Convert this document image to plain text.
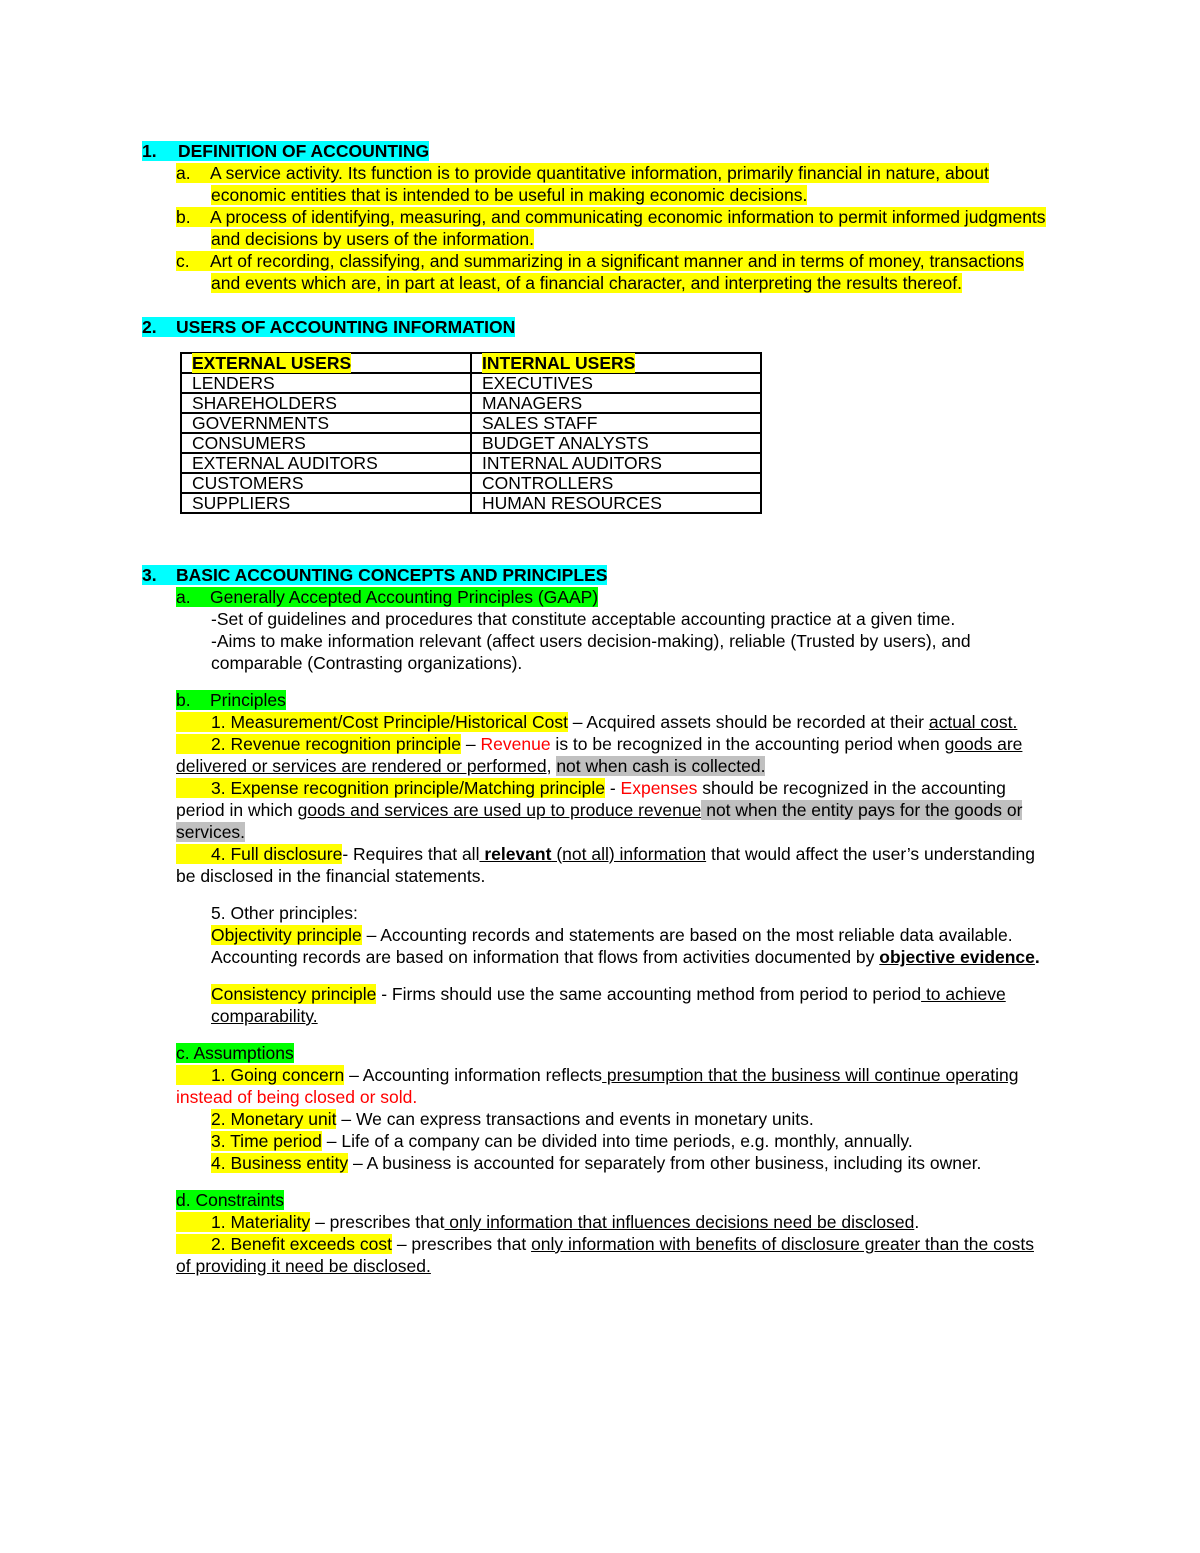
1. DEFINITION OF ACCOUNTING
a. A service activity. Its function is to provide quantitative information, primarily financial in nature, about
economic entities that is intended to be useful in making economic decisions.
b. A process of identifying, measuring, and communicating economic information to permit informed judgments
and decisions by users of the information.
c. Art of recording, classifying, and summarizing in a significant manner and in terms of money, transactions
and events which are, in part at least, of a financial character, and interpreting the results thereof.
2. USERS OF ACCOUNTING INFORMATION
EXTERNAL USERS	INTERNAL USERS
LENDERS	EXECUTIVES
SHAREHOLDERS	MANAGERS
GOVERNMENTS	SALES STAFF
CONSUMERS	BUDGET ANALYSTS
EXTERNAL AUDITORS	INTERNAL AUDITORS
CUSTOMERS	CONTROLLERS
SUPPLIERS	HUMAN RESOURCES
3. BASIC ACCOUNTING CONCEPTS AND PRINCIPLES
a. Generally Accepted Accounting Principles (GAAP)
-Set of guidelines and procedures that constitute acceptable accounting practice at a given time.
-Aims to make information relevant (affect users decision-making), reliable (Trusted by users), and
comparable (Contrasting organizations).
b. Principles
1. Measurement/Cost Principle/Historical Cost – Acquired assets should be recorded at their actual cost.
2. Revenue recognition principle – Revenue is to be recognized in the accounting period when goods are
delivered or services are rendered or performed, not when cash is collected.
3. Expense recognition principle/Matching principle - Expenses should be recognized in the accounting
period in which goods and services are used up to produce revenue not when the entity pays for the goods or
services.
4. Full disclosure- Requires that all relevant (not all) information that would affect the user’s understanding
be disclosed in the financial statements.
5. Other principles:
Objectivity principle – Accounting records and statements are based on the most reliable data available.
Accounting records are based on information that flows from activities documented by objective evidence.
Consistency principle - Firms should use the same accounting method from period to period to achieve
comparability.
c. Assumptions
1. Going concern – Accounting information reflects presumption that the business will continue operating
instead of being closed or sold.
2. Monetary unit – We can express transactions and events in monetary units.
3. Time period – Life of a company can be divided into time periods, e.g. monthly, annually.
4. Business entity – A business is accounted for separately from other business, including its owner.
d. Constraints
1. Materiality – prescribes that only information that influences decisions need be disclosed.
2. Benefit exceeds cost – prescribes that only information with benefits of disclosure greater than the costs
of providing it need be disclosed.
